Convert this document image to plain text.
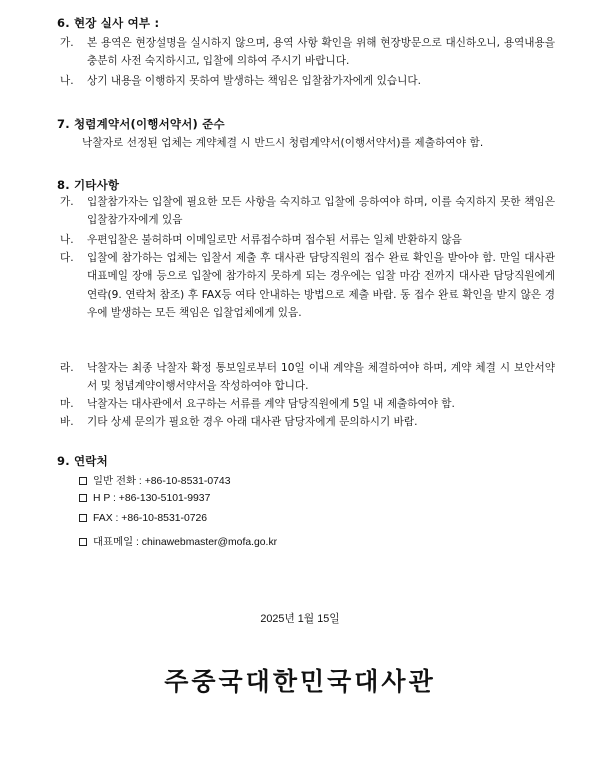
6. 현장 실사 여부 :
가. 본 용역은 현장설명을 실시하지 않으며, 용역 사항 확인을 위해 현장방문으로 대신하오니, 용역내용을 충분히 사전 숙지하시고, 입찰에 의하여 주시기 바랍니다.
나. 상기 내용을 이행하지 못하여 발생하는 책임은 입찰참가자에게 있습니다.
7. 청렴계약서(이행서약서) 준수
낙찰자로 선정된 업체는 계약체결 시 반드시 청렴계약서(이행서약서)를 제출하여야 함.
8. 기타사항
가. 입찰참가자는 입찰에 필요한 모든 사항을 숙지하고 입찰에 응하여야 하며, 이를 숙지하지 못한 책임은 입찰참가자에게 있음
나. 우편입찰은 불허하며 이메일로만 서류접수하며 접수된 서류는 일체 반환하지 않음
다. 입찰에 참가하는 업체는 입찰서 제출 후 대사관 담당직원의 접수 완료 확인을 받아야 함. 만일 대사관 대표메일 장애 등으로 입찰에 참가하지 못하게 되는 경우에는 입찰 마감 전까지 대사관 담당직원에게 연락(9. 연락처 참조) 후 FAX등 여타 안내하는 방법으로 제출 바람. 동 접수 완료 확인을 받지 않은 경우에 발생하는 모든 책임은 입찰업체에게 있음.
라. 낙찰자는 최종 낙찰자 확정 통보일로부터 10일 이내 계약을 체결하여야 하며, 계약 체결 시 보안서약서 및 청념계약이행서약서을 작성하여야 합니다.
마. 낙찰자는 대사관에서 요구하는 서류를 계약 담당직원에게 5일 내 제출하여야 함.
바. 기타 상세 문의가 필요한 경우 아래 대사관 담당자에게 문의하시기 바람.
9. 연락처
일반 전화 : +86-10-8531-0743
H P : +86-130-5101-9937
FAX : +86-10-8531-0726
대표메일 : chinawebmaster@mofa.go.kr
2025년 1월 15일
주중국대한민국대사관
